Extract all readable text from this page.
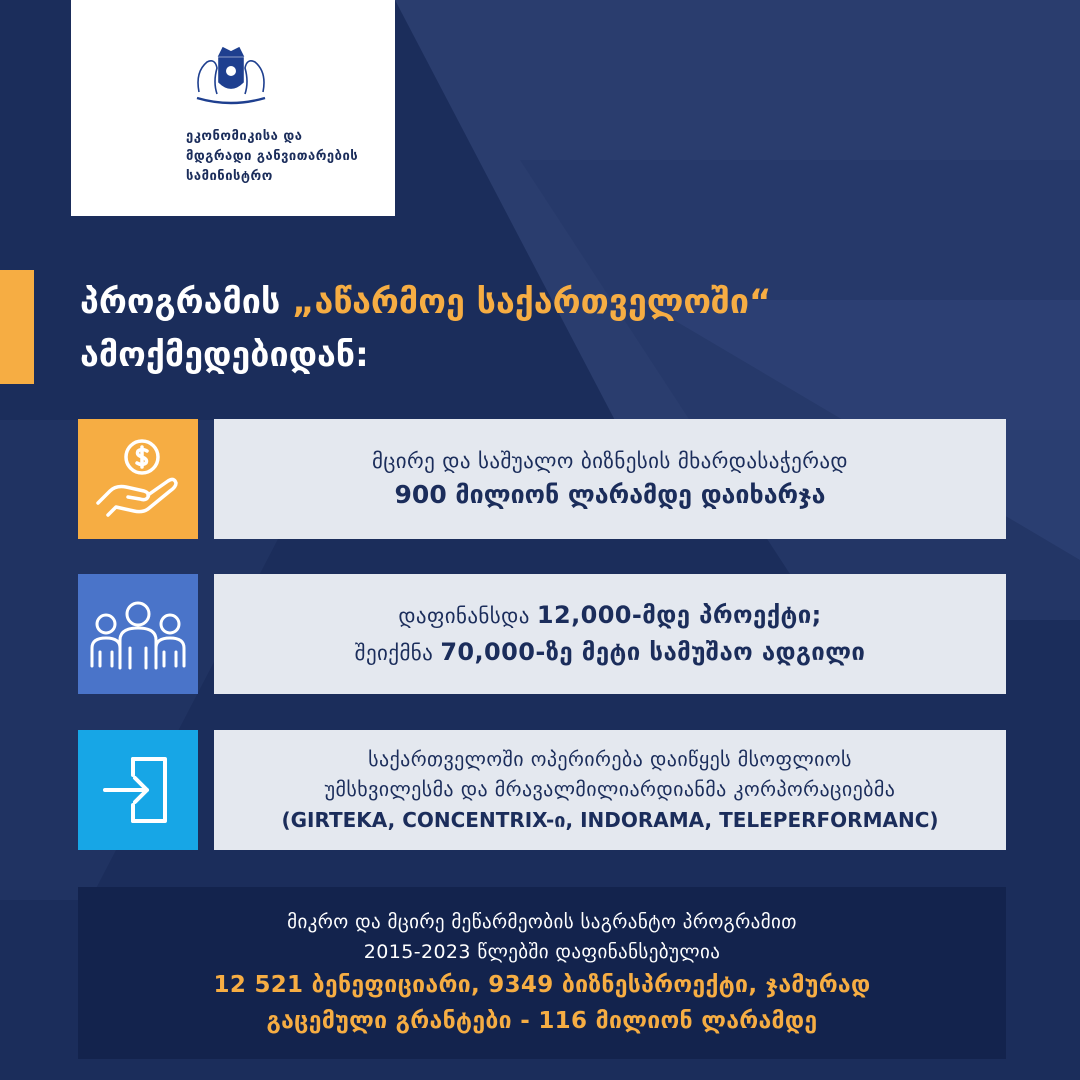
ეკონომიკისა და
მდგრადი განვითარების
სამინისტრო
პროგრამის „აწარმოე საქართველოში“
ამოქმედებიდან:
მცირე და საშუალო ბიზნესის მხარდასაჭერად
900 მილიონ ლარამდე დაიხარჯა
დაფინანსდა 12,000-მდე პროექტი;
შეიქმნა 70,000-ზე მეტი სამუშაო ადგილი
საქართველოში ოპერირება დაიწყეს მსოფლიოს
უმსხვილესმა და მრავალმილიარდიანმა კორპორაციებმა
(GIRTEKA, CONCENTRIX-ი, INDORAMA, TELEPERFORMANC)
მიკრო და მცირე მეწარმეობის საგრანტო პროგრამით
2015-2023 წლებში დაფინანსებულია
12 521 ბენეფიციარი, 9349 ბიზნესპროექტი, ჯამურად
გაცემული გრანტები - 116 მილიონ ლარამდე
